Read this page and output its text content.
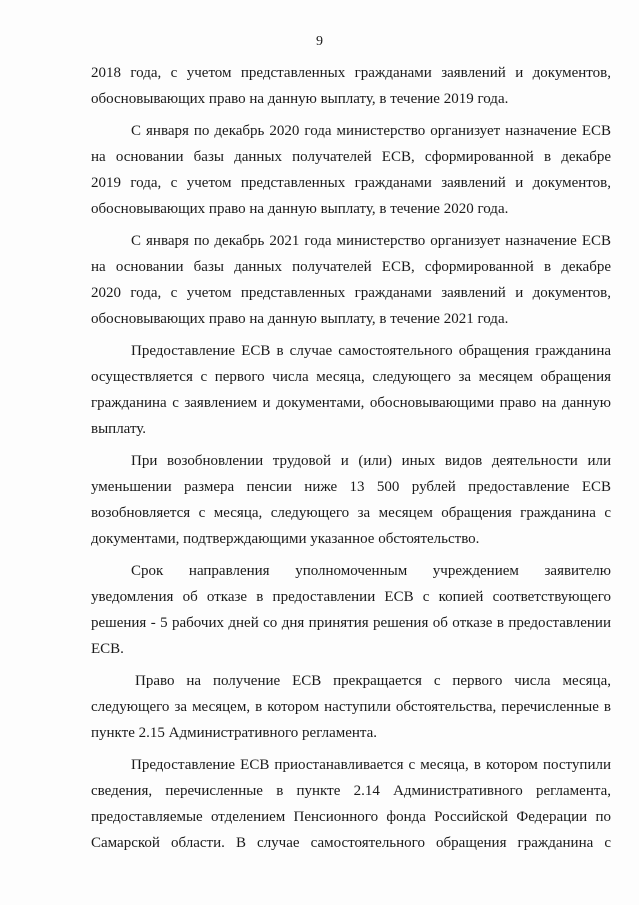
9

2018 года, с учетом представленных гражданами заявлений и документов,
обосновывающих право на данную выплату, в течение 2019 года.

С января по декабрь 2020 года министерство организует назначение ЕСВ
на основании базы данных получателей ЕСВ, сформированной в декабре
2019 года, с учетом представленных гражданами заявлений и документов,
обосновывающих право на данную выплату, в течение 2020 года.

С января по декабрь 2021 года министерство организует назначение ЕСВ
на основании базы данных получателей ЕСВ, сформированной в декабре
2020 года, с учетом представленных гражданами заявлений и документов,
обосновывающих право на данную выплату, в течение 2021 года.

Предоставление ЕСВ в случае самостоятельного обращения гражданина
осуществляется с первого числа месяца, следующего за месяцем обращения
гражданина с заявлением и документами, обосновывающими право на данную
выплату.

При возобновлении трудовой и (или) иных видов деятельности или
уменьшении размера пенсии ниже 13 500 рублей предоставление ЕСВ
возобновляется с месяца, следующего за месяцем обращения гражданина с
документами, подтверждающими указанное обстоятельство.

Срок направления уполномоченным учреждением заявителю
уведомления об отказе в предоставлении ЕСВ с копией соответствующего
решения - 5 рабочих дней со дня принятия решения об отказе в предоставлении
ЕСВ.

Право на получение ЕСВ прекращается с первого числа месяца,
следующего за месяцем, в котором наступили обстоятельства, перечисленные в
пункте 2.15 Административного регламента.

Предоставление ЕСВ приостанавливается с месяца, в котором поступили
сведения, перечисленные в пункте 2.14 Административного регламента,
предоставляемые отделением Пенсионного фонда Российской Федерации по
Самарской области. В случае самостоятельного обращения гражданина с
